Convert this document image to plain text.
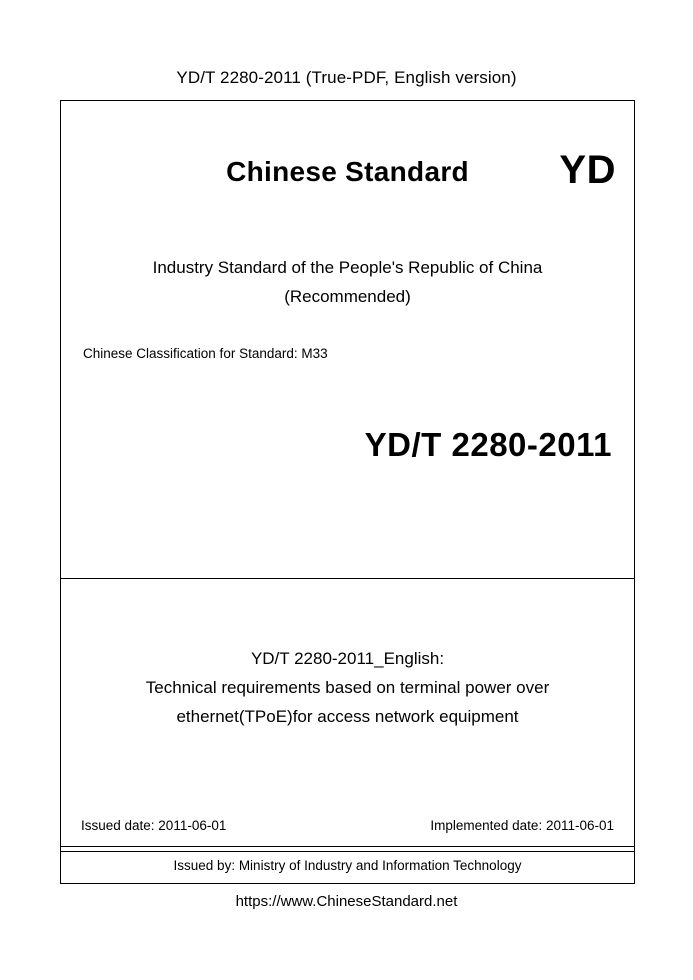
YD/T 2280-2011 (True-PDF, English version)
Chinese Standard	YD
Industry Standard of the People's Republic of China
(Recommended)
Chinese Classification for Standard: M33
YD/T 2280-2011
YD/T 2280-2011_English:
Technical requirements based on terminal power over
ethernet(TPoE)for access network equipment
Issued date: 2011-06-01	Implemented date: 2011-06-01
Issued by: Ministry of Industry and Information Technology
https://www.ChineseStandard.net
